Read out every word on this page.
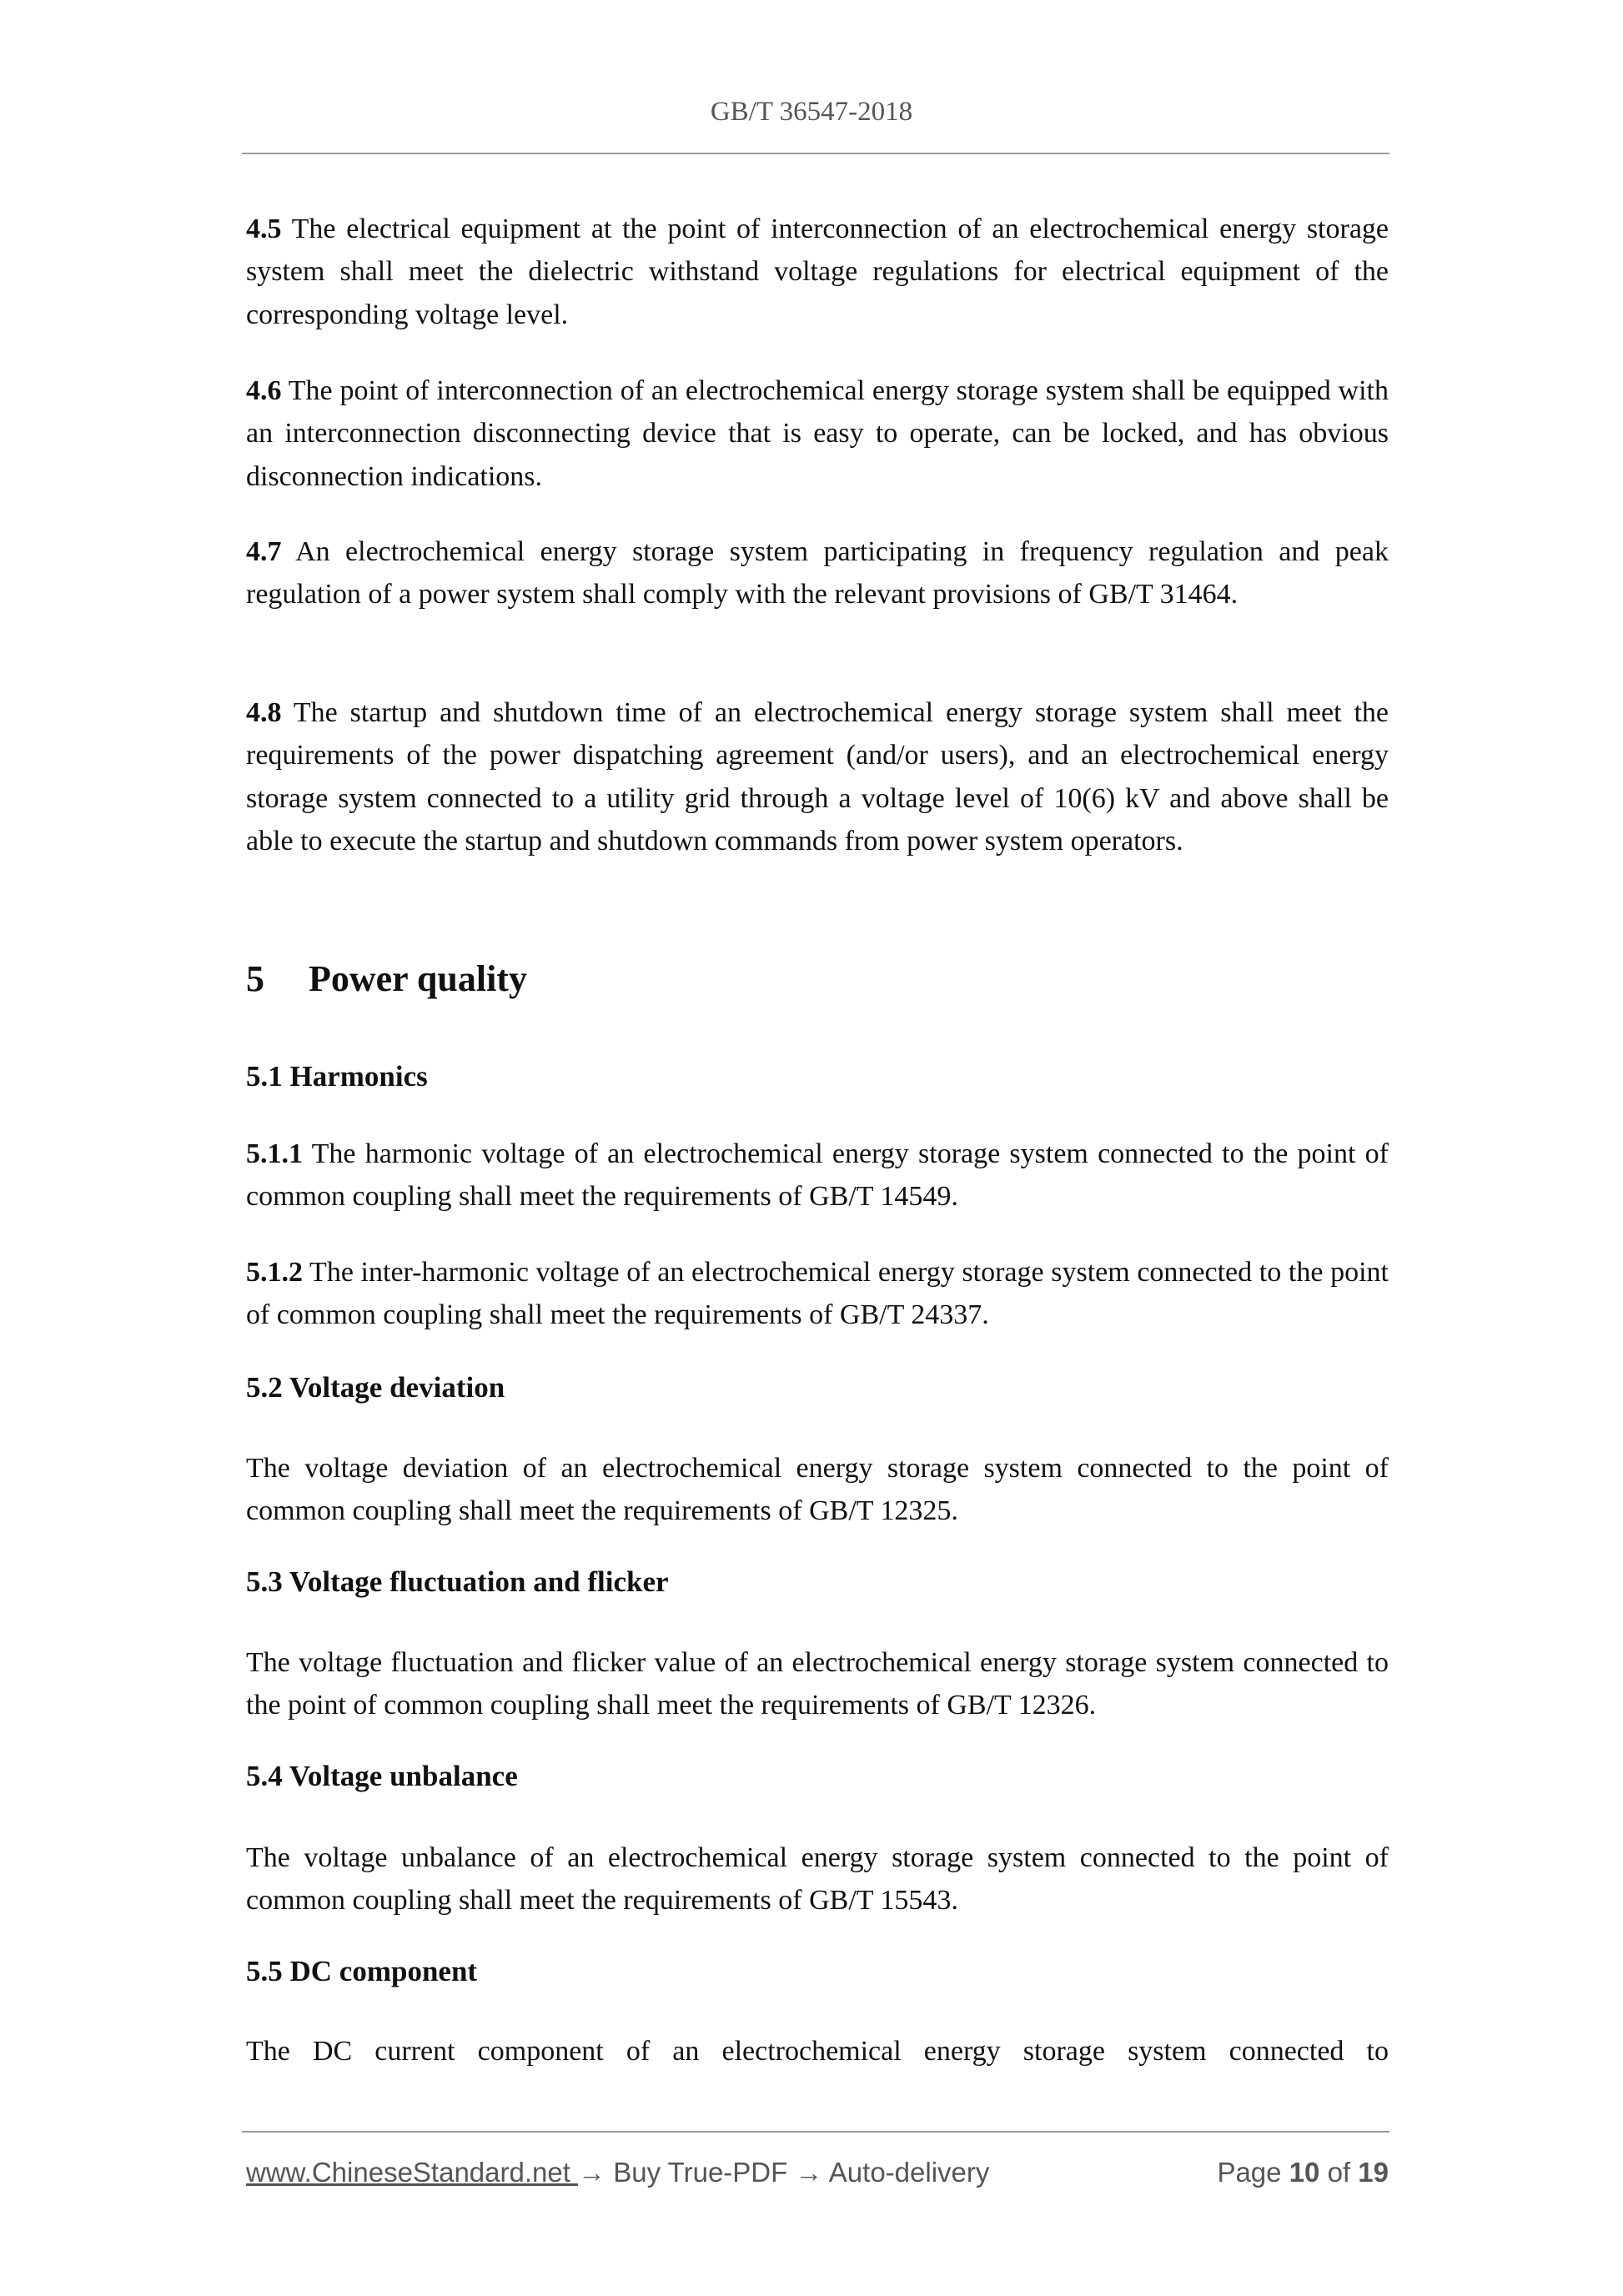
GB/T 36547-2018
4.5 The electrical equipment at the point of interconnection of an electrochemical energy storage system shall meet the dielectric withstand voltage regulations for electrical equipment of the corresponding voltage level.
4.6 The point of interconnection of an electrochemical energy storage system shall be equipped with an interconnection disconnecting device that is easy to operate, can be locked, and has obvious disconnection indications.
4.7 An electrochemical energy storage system participating in frequency regulation and peak regulation of a power system shall comply with the relevant provisions of GB/T 31464.
4.8 The startup and shutdown time of an electrochemical energy storage system shall meet the requirements of the power dispatching agreement (and/or users), and an electrochemical energy storage system connected to a utility grid through a voltage level of 10(6) kV and above shall be able to execute the startup and shutdown commands from power system operators.
5 Power quality
5.1 Harmonics
5.1.1 The harmonic voltage of an electrochemical energy storage system connected to the point of common coupling shall meet the requirements of GB/T 14549.
5.1.2 The inter-harmonic voltage of an electrochemical energy storage system connected to the point of common coupling shall meet the requirements of GB/T 24337.
5.2 Voltage deviation
The voltage deviation of an electrochemical energy storage system connected to the point of common coupling shall meet the requirements of GB/T 12325.
5.3 Voltage fluctuation and flicker
The voltage fluctuation and flicker value of an electrochemical energy storage system connected to the point of common coupling shall meet the requirements of GB/T 12326.
5.4 Voltage unbalance
The voltage unbalance of an electrochemical energy storage system connected to the point of common coupling shall meet the requirements of GB/T 15543.
5.5 DC component
The DC current component of an electrochemical energy storage system connected to
www.ChineseStandard.net → Buy True-PDF → Auto-delivery	Page 10 of 19
